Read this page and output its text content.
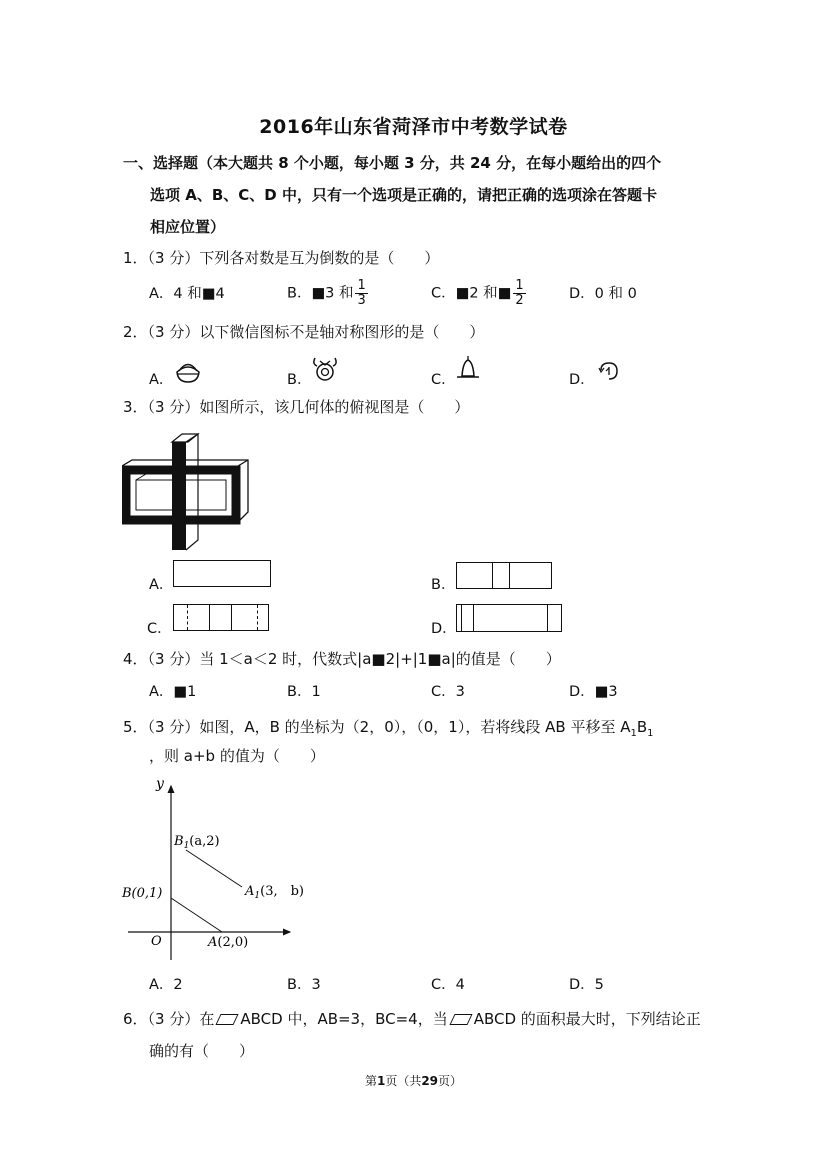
2016年山东省菏泽市中考数学试卷
一、选择题（本大题共 8 个小题，每小题 3 分，共 24 分，在每小题给出的四个
选项 A、B、C、D 中，只有一个选项是正确的，请把正确的选项涂在答题卡
相应位置）
1．（3 分）下列各对数是互为倒数的是（　　）
A．4 和■4	B．■3 和 $\frac{1}{3}$	C．■2 和■ $\frac{1}{2}$	D．0 和 0
2．（3 分）以下微信图标不是轴对称图形的是（　　）
A．	B．	C．	D．
3．（3 分）如图所示，该几何体的俯视图是（　　）
A．	B．
C．	D．
4．（3 分）当 1＜a＜2 时，代数式|a■2|+|1■a|的值是（　　）
A．■1	B．1	C．3	D．■3
5．（3 分）如图，A，B 的坐标为（2，0），（0，1），若将线段 AB 平移至 $A_1B_1$
，则 a+b 的值为（　　）
y
O
$B_1(a,2)$
$A_1(3$,　b)
B(0,1)
A(2,0)
A．2	B．3	C．4	D．5
6．（3 分）在 ABCD 中，AB=3，BC=4，当 ABCD 的面积最大时，下列结论正
确的有（　　）
第1页（共29页）
